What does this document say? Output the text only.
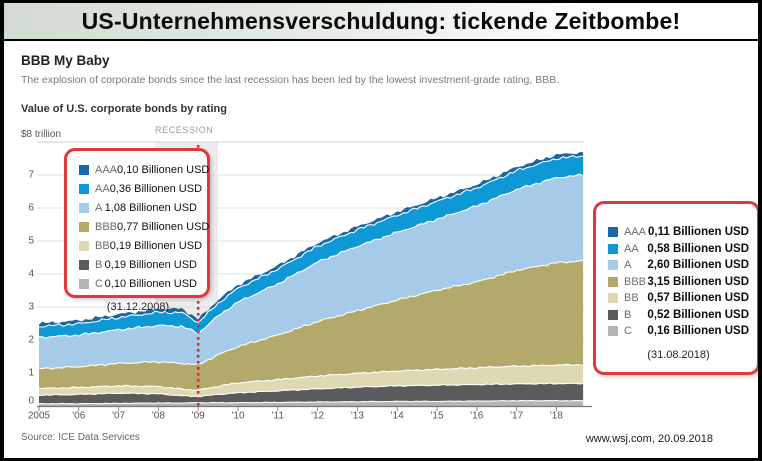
US-Unternehmensverschuldung: tickende Zeitbombe!
BBB My Baby
The explosion of corporate bonds since the last recession has been led by the lowest investment-grade rating, BBB.
Value of U.S. corporate bonds by rating
$8 trillion	RECESSION
0
1
2
3
4
5
6
7
2005 '06	'07	'08	'09	'10	'11	'12	'13	'14	'15	'16	'17	'18
AAA 0,10 Billionen USD
AA 0,36 Billionen USD
A 1,08 Billionen USD
BBB 0,77 Billionen USD
BB 0,19 Billionen USD
B 0,19 Billionen USD
C 0,10 Billionen USD
(31.12.2008)
AAA 0,11 Billionen USD
AA 0,58 Billionen USD
A	2,60 Billionen USD
BBB 3,15 Billionen USD
BB 0,57 Billionen USD
B	0,52 Billionen USD
C	0,16 Billionen USD
(31.08.2018)
Source: ICE Data Services	www.wsj.com, 20.09.2018
